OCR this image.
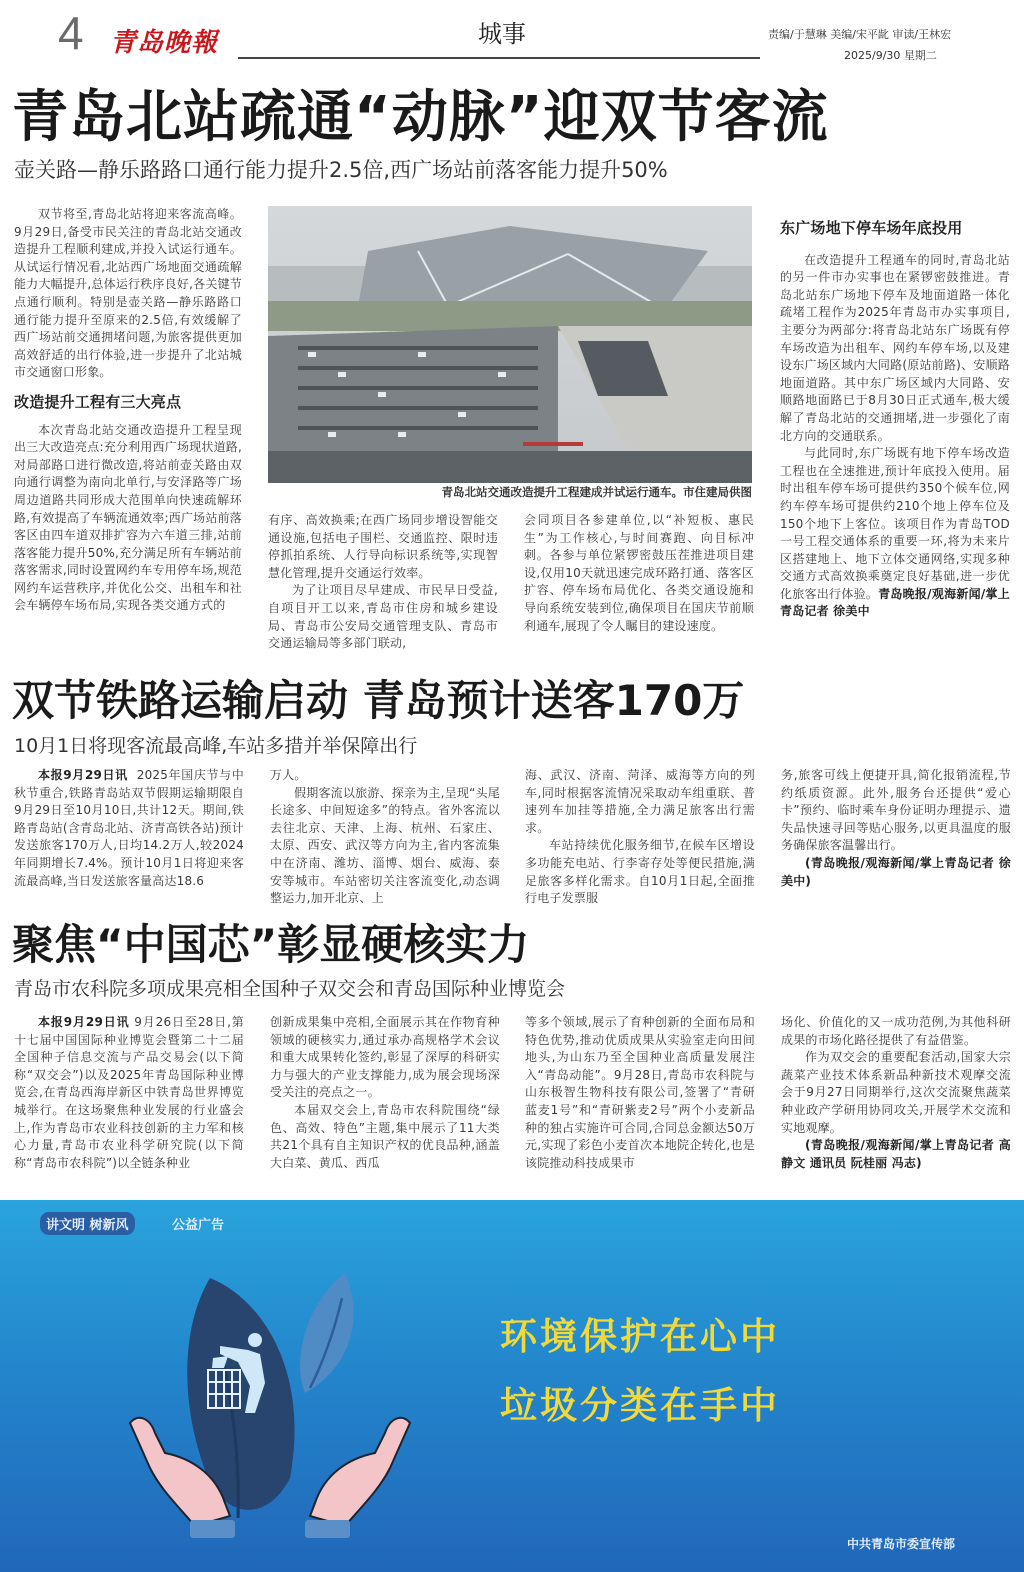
4 青岛晚報	城事	责编/于慧琳 美编/宋平龀 审读/王林宏
2025/9/30 星期二
青岛北站疏通“动脉”迎双节客流
壶关路—静乐路路口通行能力提升2.5倍,西广场站前落客能力提升50%

双节将至,青岛北站将迎来客流高峰。9月29日,备受市民关注的青岛北站交通改造提升工程顺利建成,并投入试运行通车。从试运行情况看,北站西广场地面交通疏解能力大幅提升,总体运行秩序良好,各关键节点通行顺利。特别是壶关路—静乐路路口通行能力提升至原来的2.5倍,有效缓解了西广场站前交通拥堵问题,为旅客提供更加高效舒适的出行体验,进一步提升了北站城市交通窗口形象。

改造提升工程有三大亮点

本次青岛北站交通改造提升工程呈现出三大改造亮点:充分利用西广场现状道路,对局部路口进行微改造,将站前壶关路由双向通行调整为南向北单行,与安泽路等广场周边道路共同形成大范围单向快速疏解环路,有效提高了车辆流通效率;西广场站前落客区由四车道双排扩容为六车道三排,站前落客能力提升50%,充分满足所有车辆站前落客需求,同时设置网约车专用停车场,规范网约车运营秩序,并优化公交、出租车和社会车辆停车场布局,实现各类交通方式的

青岛北站交通改造提升工程建成并试运行通车。市住建局供图

有序、高效换乘;在西广场同步增设智能交通设施,包括电子围栏、交通监控、限时违停抓拍系统、人行导向标识系统等,实现智慧化管理,提升交通运行效率。

为了让项目尽早建成、市民早日受益,自项目开工以来,青岛市住房和城乡建设局、青岛市公安局交通管理支队、青岛市交通运输局等多部门联动,

会同项目各参建单位,以“补短板、惠民生”为工作核心,与时间赛跑、向目标冲刺。各参与单位紧锣密鼓压茬推进项目建设,仅用10天就迅速完成环路打通、落客区扩容、停车场布局优化、各类交通设施和导向系统安装到位,确保项目在国庆节前顺利通车,展现了令人瞩目的建设速度。

东广场地下停车场年底投用

在改造提升工程通车的同时,青岛北站的另一件市办实事也在紧锣密鼓推进。青岛北站东广场地下停车及地面道路一体化疏堵工程作为2025年青岛市办实事项目,主要分为两部分:将青岛北站东广场既有停车场改造为出租车、网约车停车场,以及建设东广场区域内大同路(原站前路)、安顺路地面道路。其中东广场区域内大同路、安顺路地面路已于8月30日正式通车,极大缓解了青岛北站的交通拥堵,进一步强化了南北方向的交通联系。

与此同时,东广场既有地下停车场改造工程也在全速推进,预计年底投入使用。届时出租车停车场可提供约350个候车位,网约车停车场可提供约210个地上停车位及150个地下上客位。该项目作为青岛TOD一号工程交通体系的重要一环,将为未来片区搭建地上、地下立体交通网络,实现多种交通方式高效换乘奠定良好基础,进一步优化旅客出行体验。青岛晚报/观海新闻/掌上青岛记者 徐美中

双节铁路运输启动 青岛预计送客170万
10月1日将现客流最高峰,车站多措并举保障出行

本报9月29日讯 2025年国庆节与中秋节重合,铁路青岛站双节假期运输期限自9月29日至10月10日,共计12天。期间,铁路青岛站(含青岛北站、济青高铁各站)预计发送旅客170万人,日均14.2万人,较2024年同期增长7.4%。预计10月1日将迎来客流最高峰,当日发送旅客量高达18.6

万人。

假期客流以旅游、探亲为主,呈现“头尾长途多、中间短途多”的特点。省外客流以去往北京、天津、上海、杭州、石家庄、太原、西安、武汉等方向为主,省内客流集中在济南、潍坊、淄博、烟台、威海、泰安等城市。车站密切关注客流变化,动态调整运力,加开北京、上

海、武汉、济南、菏泽、威海等方向的列车,同时根据客流情况采取动车组重联、普速列车加挂等措施,全力满足旅客出行需求。

车站持续优化服务细节,在候车区增设多功能充电站、行李寄存处等便民措施,满足旅客多样化需求。自10月1日起,全面推行电子发票服

务,旅客可线上便捷开具,简化报销流程,节约纸质资源。此外,服务台还提供“爱心卡”预约、临时乘车身份证明办理提示、遗失品快速寻回等贴心服务,以更具温度的服务确保旅客温馨出行。

(青岛晚报/观海新闻/掌上青岛记者 徐美中)

聚焦“中国芯”彰显硬核实力
青岛市农科院多项成果亮相全国种子双交会和青岛国际种业博览会

本报9月29日讯 9月26日至28日,第十七届中国国际种业博览会暨第二十二届全国种子信息交流与产品交易会(以下简称“双交会”)以及2025年青岛国际种业博览会,在青岛西海岸新区中铁青岛世界博览城举行。在这场聚焦种业发展的行业盛会上,作为青岛市农业科技创新的主力军和核心力量,青岛市农业科学研究院(以下简称“青岛市农科院”)以全链条种业

创新成果集中亮相,全面展示其在作物育种领域的硬核实力,通过承办高规格学术会议和重大成果转化签约,彰显了深厚的科研实力与强大的产业支撑能力,成为展会现场深受关注的亮点之一。

本届双交会上,青岛市农科院围绕“绿色、高效、特色”主题,集中展示了11大类共21个具有自主知识产权的优良品种,涵盖大白菜、黄瓜、西瓜

等多个领域,展示了育种创新的全面布局和特色优势,推动优质成果从实验室走向田间地头,为山东乃至全国种业高质量发展注入“青岛动能”。9月28日,青岛市农科院与山东极智生物科技有限公司,签署了“青研蓝麦1号”和“青研紫麦2号”两个小麦新品种的独占实施许可合同,合同总金额达50万元,实现了彩色小麦首次本地院企转化,也是该院推动科技成果市

场化、价值化的又一成功范例,为其他科研成果的市场化路径提供了有益借鉴。

作为双交会的重要配套活动,国家大宗蔬菜产业技术体系新品种新技术观摩交流会于9月27日同期举行,这次交流聚焦蔬菜种业政产学研用协同攻关,开展学术交流和实地观摩。

(青岛晚报/观海新闻/掌上青岛记者 高静文 通讯员 阮桂丽 冯志)

讲文明 树新风	公益广告
环境保护在心中
垃圾分类在手中
中共青岛市委宣传部
